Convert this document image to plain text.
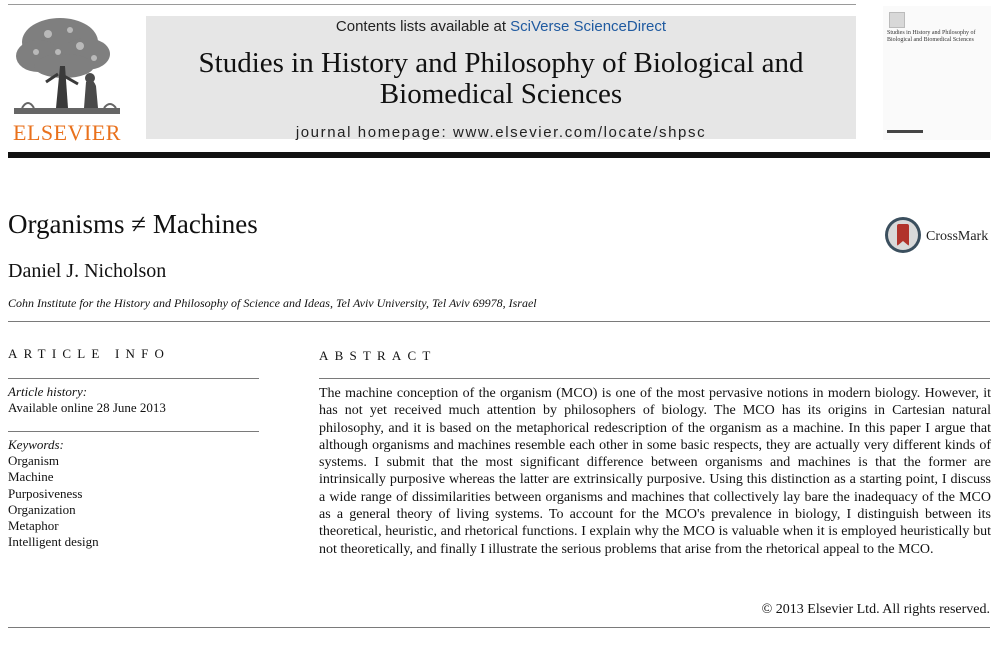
ELSEVIER
Contents lists available at SciVerse ScienceDirect
Studies in History and Philosophy of Biological and Biomedical Sciences
journal homepage: www.elsevier.com/locate/shpsc
Studies in History and Philosophy of Biological and Biomedical Sciences
Organisms ≠ Machines
Daniel J. Nicholson
Cohn Institute for the History and Philosophy of Science and Ideas, Tel Aviv University, Tel Aviv 69978, Israel
CrossMark
ARTICLE INFO
Article history:
Available online 28 June 2013
Keywords:
Organism
Machine
Purposiveness
Organization
Metaphor
Intelligent design
ABSTRACT

The machine conception of the organism (MCO) is one of the most pervasive notions in modern biology. However, it has not yet received much attention by philosophers of biology. The MCO has its origins in Cartesian natural philosophy, and it is based on the metaphorical redescription of the organism as a machine. In this paper I argue that although organisms and machines resemble each other in some basic respects, they are actually very different kinds of systems. I submit that the most significant difference between organisms and machines is that the former are intrinsically purposive whereas the latter are extrinsically purposive. Using this distinction as a starting point, I discuss a wide range of dissimilarities between organisms and machines that collectively lay bare the inadequacy of the MCO as a general theory of living systems. To account for the MCO's prevalence in biology, I distinguish between its theoretical, heuristic, and rhetorical functions. I explain why the MCO is valuable when it is employed heuristically but not theoretically, and finally I illustrate the serious problems that arise from the rhetorical appeal to the MCO.

© 2013 Elsevier Ltd. All rights reserved.
